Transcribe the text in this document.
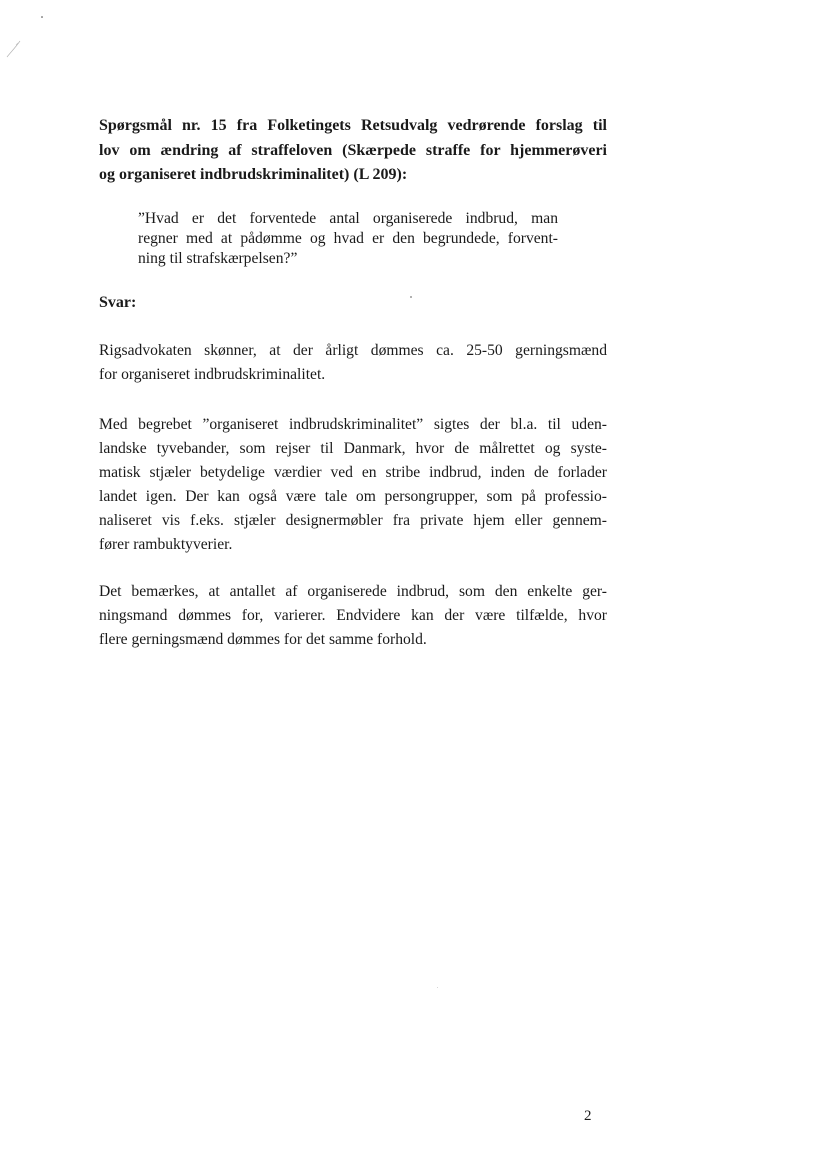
Spørgsmål nr. 15 fra Folketingets Retsudvalg vedrørende forslag til
lov om ændring af straffeloven (Skærpede straffe for hjemmerøveri
og organiseret indbrudskriminalitet) (L 209):
”Hvad er det forventede antal organiserede indbrud, man
regner med at pådømme og hvad er den begrundede, forvent-
ning til strafskærpelsen?”
Svar:
Rigsadvokaten skønner, at der årligt dømmes ca. 25-50 gerningsmænd
for organiseret indbrudskriminalitet.
Med begrebet ”organiseret indbrudskriminalitet” sigtes der bl.a. til uden-
landske tyvebander, som rejser til Danmark, hvor de målrettet og syste-
matisk stjæler betydelige værdier ved en stribe indbrud, inden de forlader
landet igen. Der kan også være tale om persongrupper, som på professio-
naliseret vis f.eks. stjæler designermøbler fra private hjem eller gennem-
fører rambuktyverier.
Det bemærkes, at antallet af organiserede indbrud, som den enkelte ger-
ningsmand dømmes for, varierer. Endvidere kan der være tilfælde, hvor
flere gerningsmænd dømmes for det samme forhold.
2
